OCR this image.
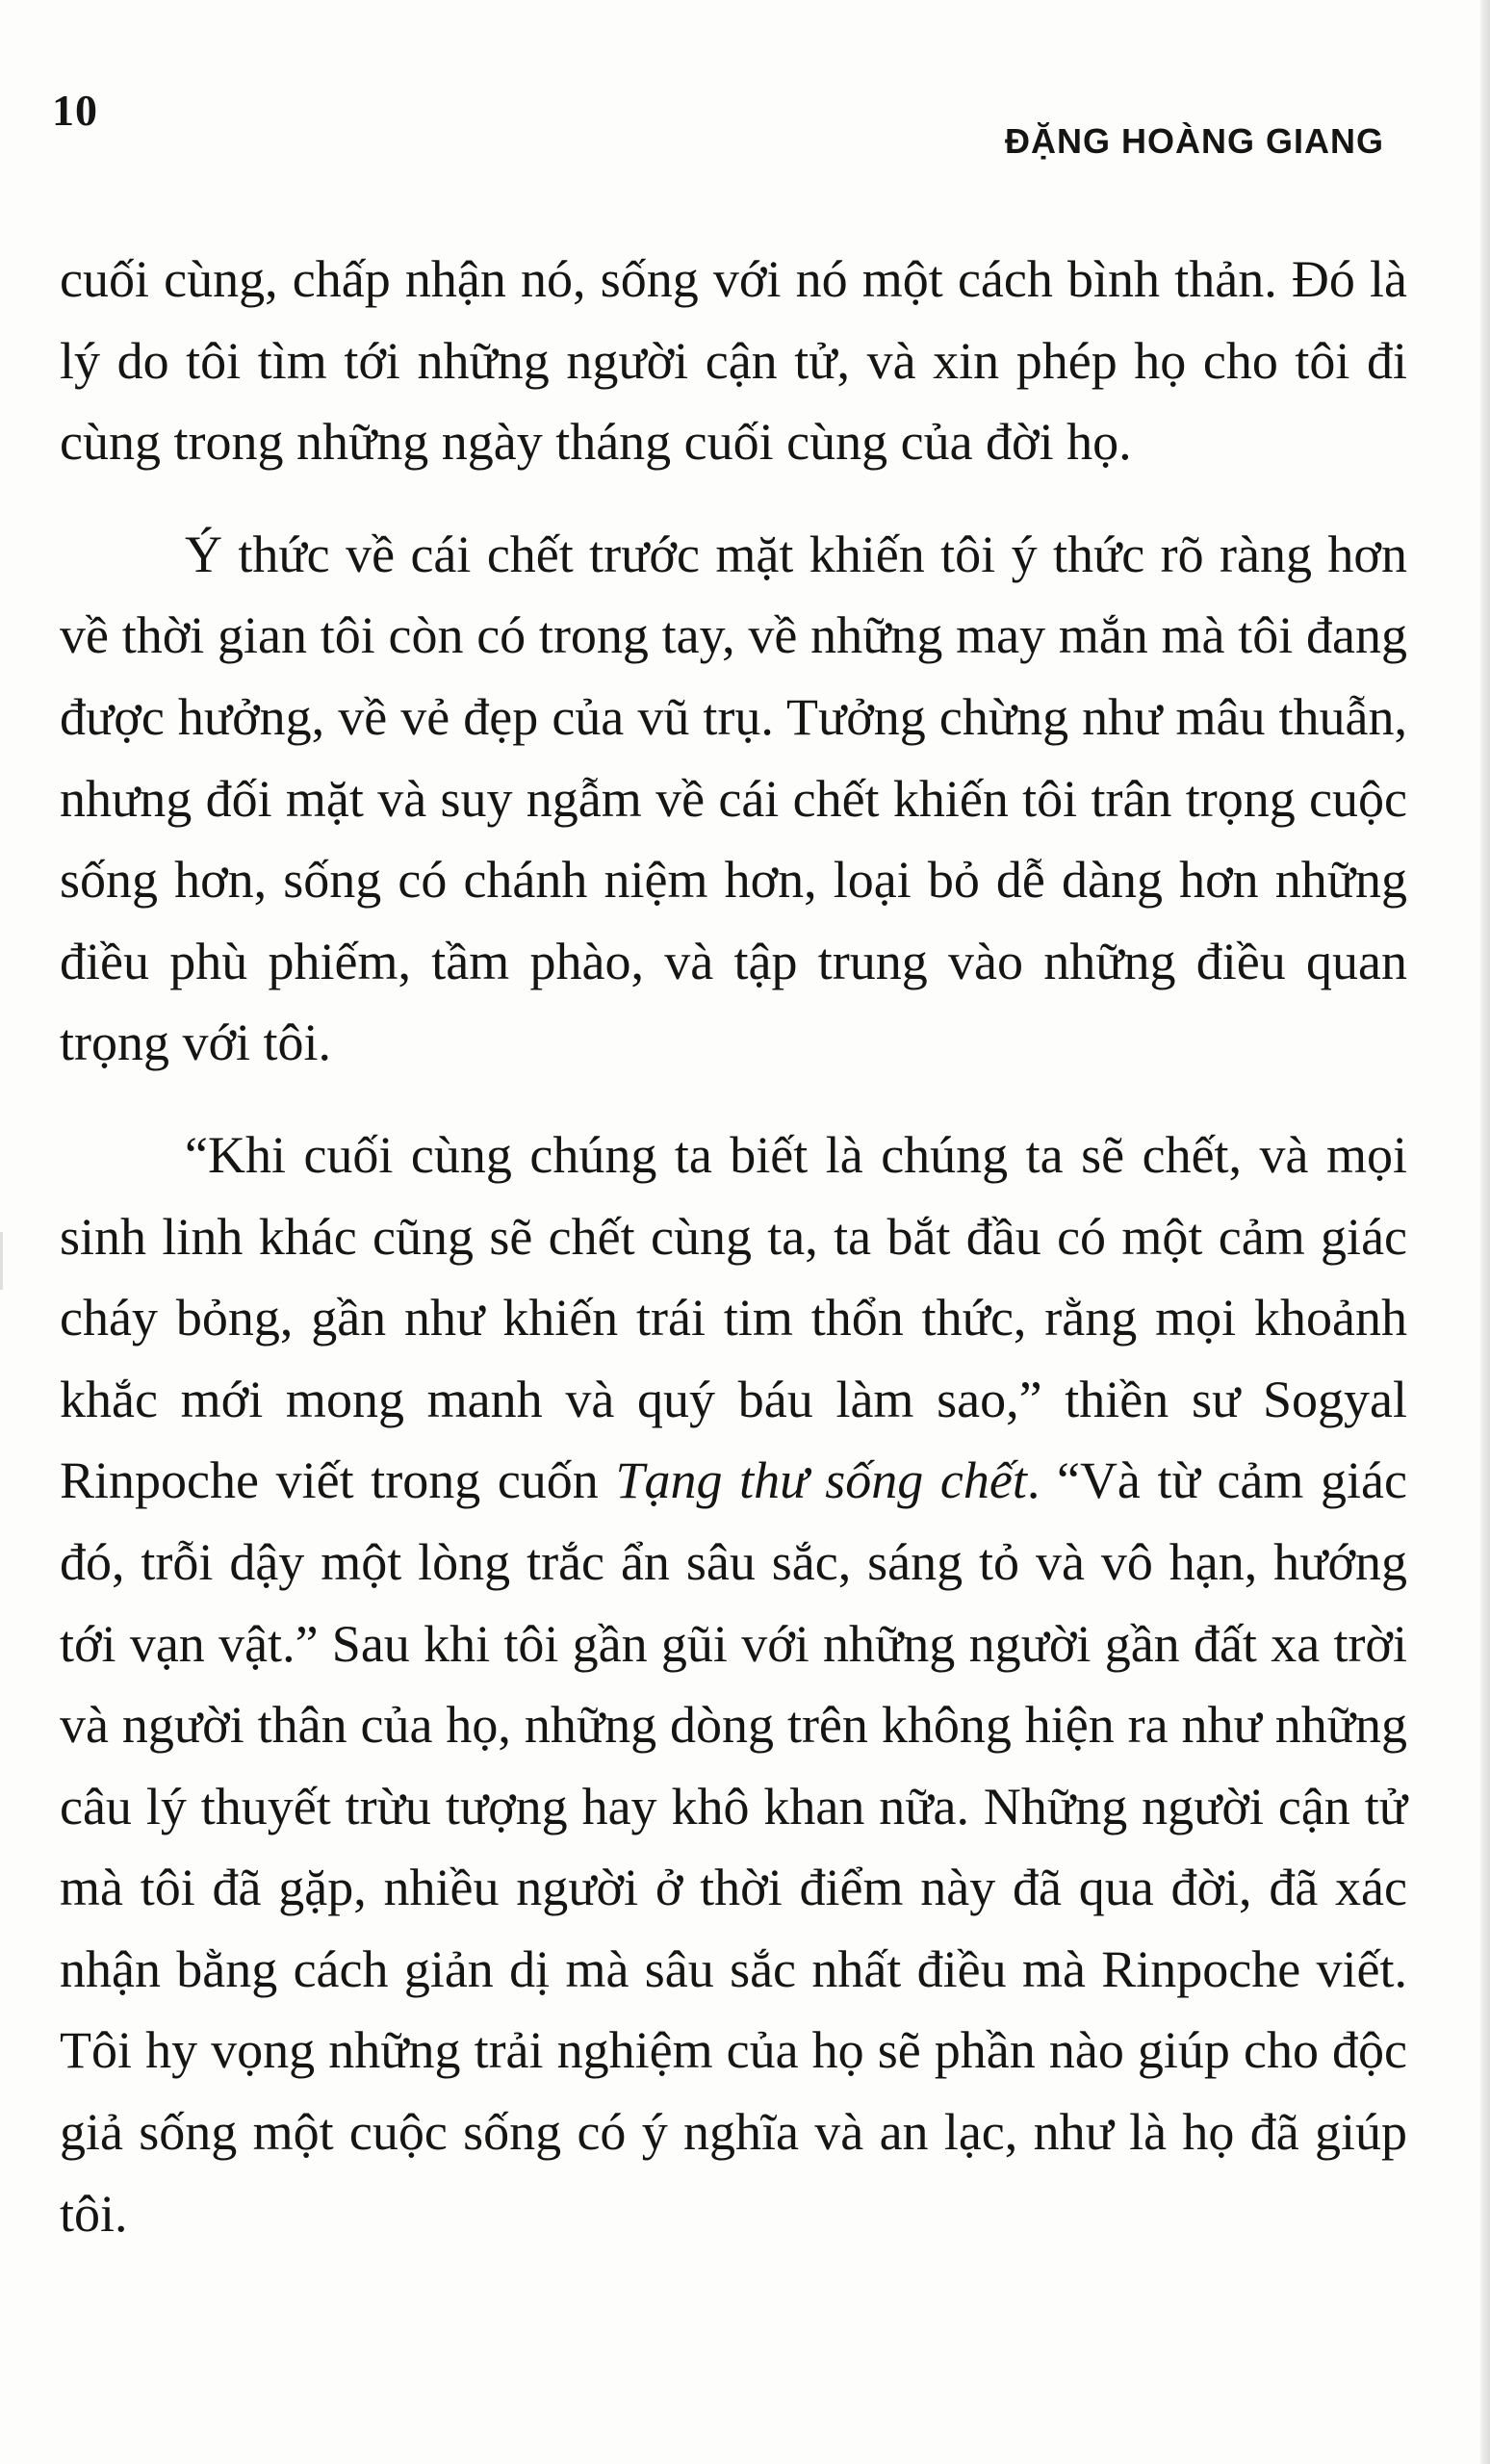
10
ĐẶNG HOÀNG GIANG

cuối cùng, chấp nhận nó, sống với nó một cách bình thản. Đó là lý do tôi tìm tới những người cận tử, và xin phép họ cho tôi đi cùng trong những ngày tháng cuối cùng của đời họ.

Ý thức về cái chết trước mặt khiến tôi ý thức rõ ràng hơn về thời gian tôi còn có trong tay, về những may mắn mà tôi đang được hưởng, về vẻ đẹp của vũ trụ. Tưởng chừng như mâu thuẫn, nhưng đối mặt và suy ngẫm về cái chết khiến tôi trân trọng cuộc sống hơn, sống có chánh niệm hơn, loại bỏ dễ dàng hơn những điều phù phiếm, tầm phào, và tập trung vào những điều quan trọng với tôi.

“Khi cuối cùng chúng ta biết là chúng ta sẽ chết, và mọi sinh linh khác cũng sẽ chết cùng ta, ta bắt đầu có một cảm giác cháy bỏng, gần như khiến trái tim thổn thức, rằng mọi khoảnh khắc mới mong manh và quý báu làm sao,” thiền sư Sogyal Rinpoche viết trong cuốn Tạng thư sống chết. “Và từ cảm giác đó, trỗi dậy một lòng trắc ẩn sâu sắc, sáng tỏ và vô hạn, hướng tới vạn vật.” Sau khi tôi gần gũi với những người gần đất xa trời và người thân của họ, những dòng trên không hiện ra như những câu lý thuyết trừu tượng hay khô khan nữa. Những người cận tử mà tôi đã gặp, nhiều người ở thời điểm này đã qua đời, đã xác nhận bằng cách giản dị mà sâu sắc nhất điều mà Rinpoche viết. Tôi hy vọng những trải nghiệm của họ sẽ phần nào giúp cho độc giả sống một cuộc sống có ý nghĩa và an lạc, như là họ đã giúp tôi.
